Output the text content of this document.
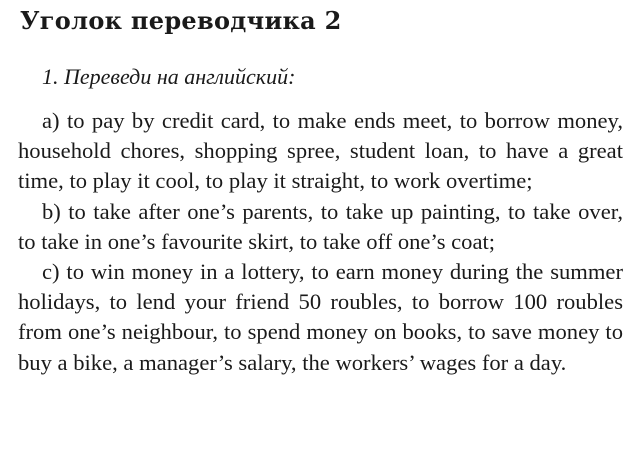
Уголок переводчика 2

1. Переведи на английский:

a) to pay by credit card, to make ends meet, to borrow money, household chores, shopping spree, student loan, to have a great time, to play it cool, to play it straight, to work overtime;

b) to take after one’s parents, to take up painting, to take over, to take in one’s favourite skirt, to take off one’s coat;

c) to win money in a lottery, to earn money during the summer holidays, to lend your friend 50 roubles, to borrow 100 roubles from one’s neighbour, to spend money on books, to save money to buy a bike, a manager’s salary, the workers’ wages for a day.
